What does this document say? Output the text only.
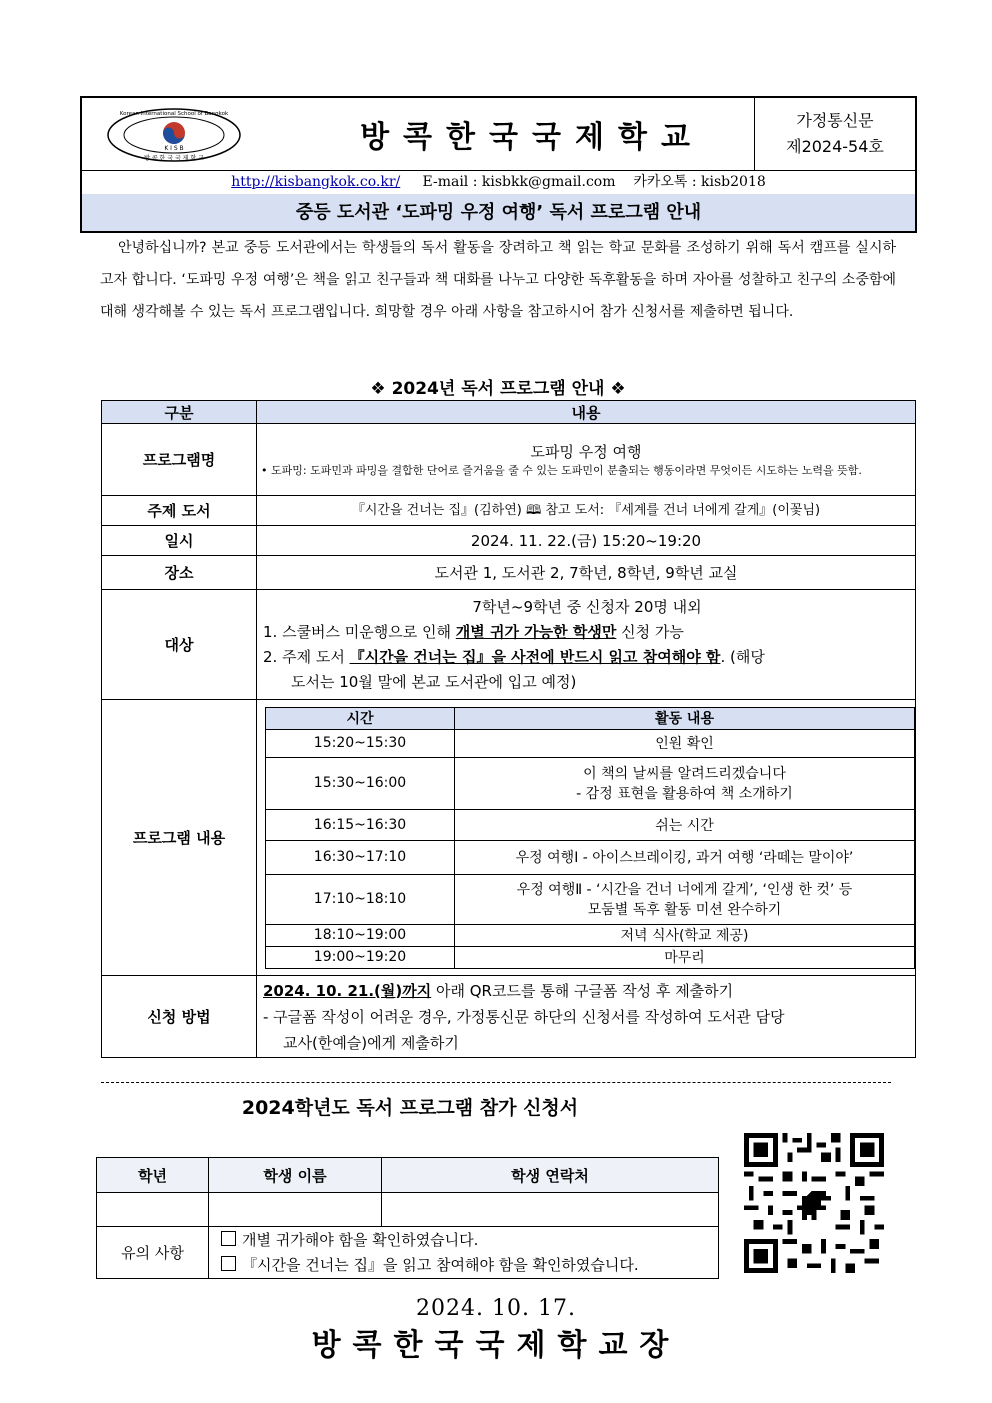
Korean International School of Bangkok
방 콕 한 국 국 제 학 교
K I S B	방콕한국국제학교	가정통신문
제2024-54호
http://kisbangkok.co.kr/ E-mail : kisbkk@gmail.com 카카오톡 : kisb2018
중등 도서관 ‘도파밍 우정 여행’ 독서 프로그램 안내
안녕하십니까? 본교 중등 도서관에서는 학생들의 독서 활동을 장려하고 책 읽는 학교 문화를 조성하기 위해 독서 캠프를 실시하고자 합니다. ‘도파밍 우정 여행’은 책을 읽고 친구들과 책 대화를 나누고 다양한 독후활동을 하며 자아를 성찰하고 친구의 소중함에 대해 생각해볼 수 있는 독서 프로그램입니다. 희망할 경우 아래 사항을 참고하시어 참가 신청서를 제출하면 됩니다.
❖ 2024년 독서 프로그램 안내 ❖
구분	내용
프로그램명	도파밍 우정 여행
• 도파밍: 도파민과 파밍을 결합한 단어로 즐거움을 줄 수 있는 도파민이 분출되는 행동이라면 무엇이든 시도하는 노력을 뜻함.

주제 도서	『시간을 건너는 집』(김하연) 🕮 참고 도서: 『세계를 건너 너에게 갈게』(이꽃님)
일시	2024. 11. 22.(금) 15:20~19:20
장소	도서관 1, 도서관 2, 7학년, 8학년, 9학년 교실
대상	
7학년~9학년 중 신청자 20명 내외
1. 스쿨버스 미운행으로 인해 개별 귀가 가능한 학생만 신청 가능
2. 주제 도서 『시간을 건너는 집』을 사전에 반드시 읽고 참여해야 함. (해당
도서는 10월 말에 본교 도서관에 입고 예정)

프로그램 내용	
시간	활동 내용
15:20~15:30	인원 확인

15:30~16:00	
이 책의 날씨를 알려드리겠습니다
- 감정 표현을 활용하여 책 소개하기

16:15~16:30	쉬는 시간

16:30~17:10	우정 여행Ⅰ - 아이스브레이킹, 과거 여행 ‘라떼는 말이야’

17:10~18:10	
우정 여행Ⅱ - ‘시간을 건너 너에게 갈게’, ‘인생 한 컷’ 등
모둠별 독후 활동 미션 완수하기

18:10~19:00	저녁 식사(학교 제공)

19:00~19:20	마무리

신청 방법	
2024. 10. 21.(월)까지 아래 QR코드를 통해 구글폼 작성 후 제출하기
- 구글폼 작성이 어려운 경우, 가정통신문 하단의 신청서를 작성하여 도서관 담당
교사(한예슬)에게 제출하기
2024학년도 독서 프로그램 참가 신청서
학년	학생 이름	학생 연락처

유의 사항	개별 귀가해야 함을 확인하였습니다.
『시간을 건너는 집』을 읽고 참여해야 함을 확인하였습니다.	
2024. 10. 17.
방콕한국국제학교장
